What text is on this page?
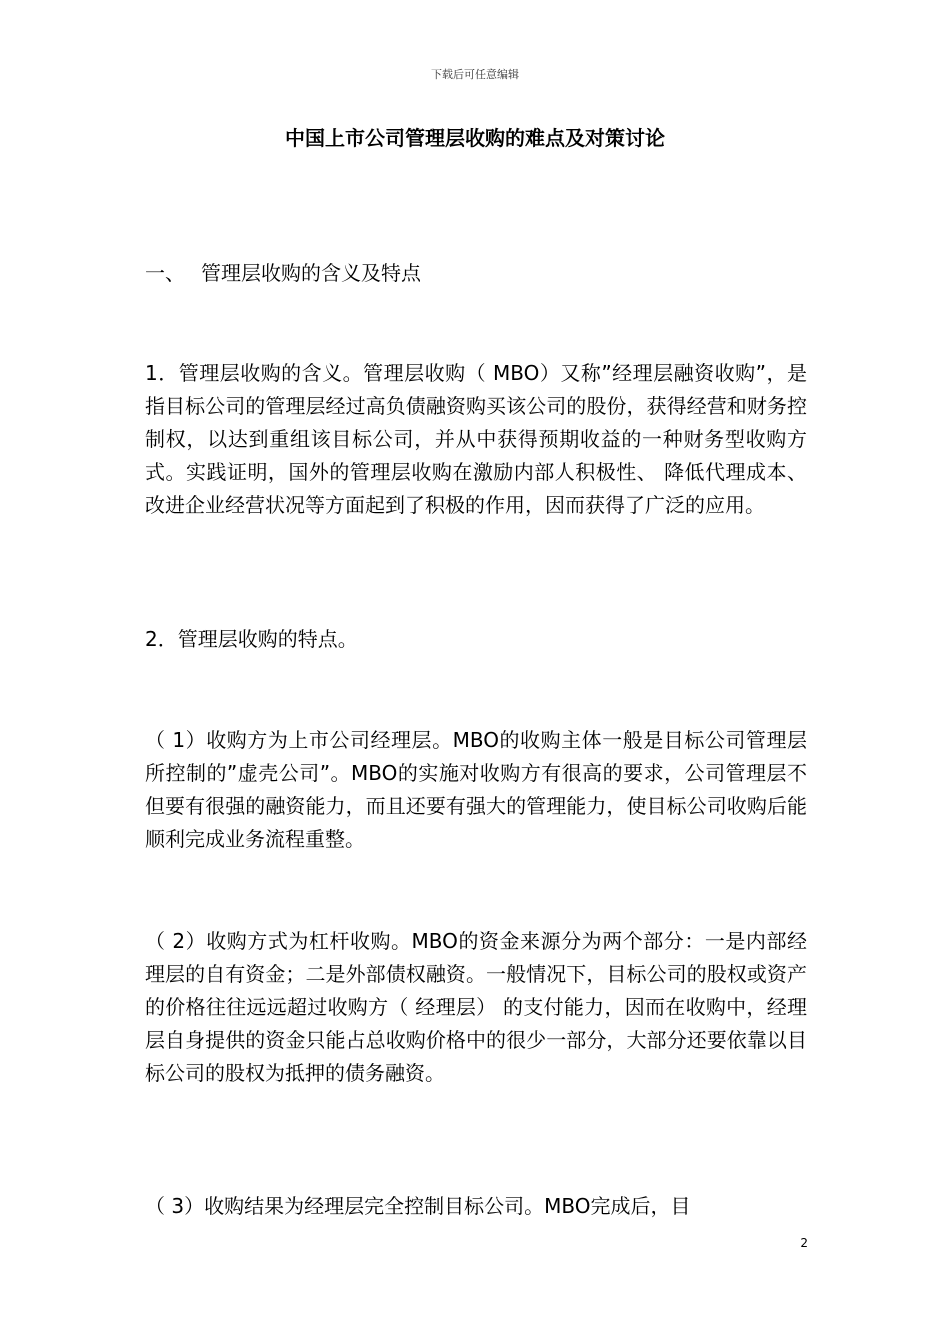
下载后可任意编辑
中国上市公司管理层收购的难点及对策讨论
一、 管理层收购的含义及特点

1．管理层收购的含义。管理层收购（ MBO）又称”经理层融资收购”，是指目标公司的管理层经过高负债融资购买该公司的股份，获得经营和财务控制权，以达到重组该目标公司，并从中获得预期收益的一种财务型收购方式。实践证明，国外的管理层收购在激励内部人积极性、 降低代理成本、 改进企业经营状况等方面起到了积极的作用，因而获得了广泛的应用。

2．管理层收购的特点。

（ 1）收购方为上市公司经理层。MBO的收购主体一般是目标公司管理层所控制的”虚壳公司”。MBO的实施对收购方有很高的要求，公司管理层不但要有很强的融资能力，而且还要有强大的管理能力，使目标公司收购后能顺利完成业务流程重整。

（ 2）收购方式为杠杆收购。MBO的资金来源分为两个部分：一是内部经理层的自有资金；二是外部债权融资。一般情况下，目标公司的股权或资产的价格往往远远超过收购方（ 经理层） 的支付能力，因而在收购中，经理层自身提供的资金只能占总收购价格中的很少一部分，大部分还要依靠以目标公司的股权为抵押的债务融资。

（ 3）收购结果为经理层完全控制目标公司。MBO完成后，目

2
